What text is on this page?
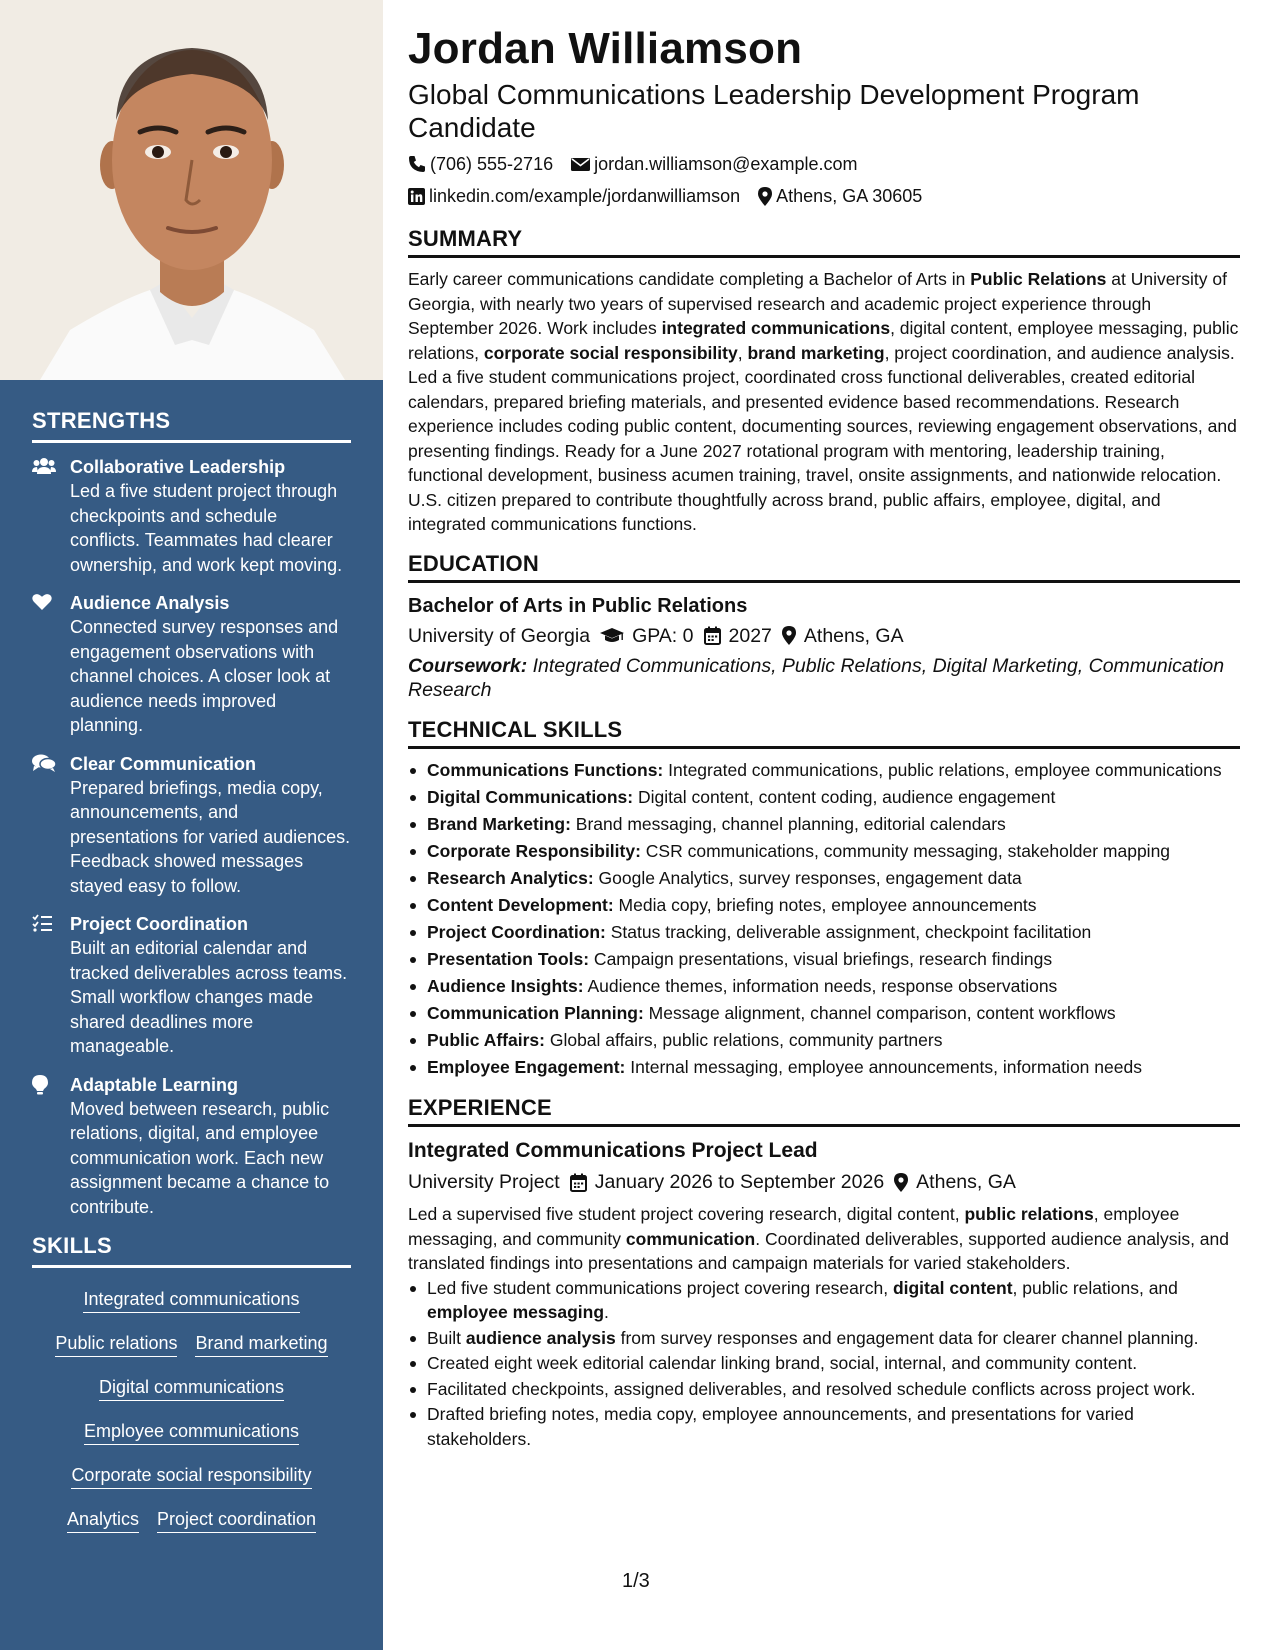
STRENGTHS
Collaborative Leadership
Led a five student project through checkpoints and schedule conflicts. Teammates had clearer ownership, and work kept moving.
Audience Analysis
Connected survey responses and engagement observations with channel choices. A closer look at audience needs improved planning.
Clear Communication
Prepared briefings, media copy, announcements, and presentations for varied audiences. Feedback showed messages stayed easy to follow.
Project Coordination
Built an editorial calendar and tracked deliverables across teams. Small workflow changes made shared deadlines more manageable.
Adaptable Learning
Moved between research, public relations, digital, and employee communication work. Each new assignment became a chance to contribute.
SKILLS
Integrated communications
Public relations Brand marketing
Digital communications
Employee communications
Corporate social responsibility
Analytics Project coordination
Jordan Williamson
Global Communications Leadership Development Program Candidate
(706) 555-2716 jordan.williamson@example.com
linkedin.com/example/jordanwilliamson Athens, GA 30605
SUMMARY
Early career communications candidate completing a Bachelor of Arts in Public Relations at University of Georgia, with nearly two years of supervised research and academic project experience through September 2026. Work includes integrated communications, digital content, employee messaging, public relations, corporate social responsibility, brand marketing, project coordination, and audience analysis. Led a five student communications project, coordinated cross functional deliverables, created editorial calendars, prepared briefing materials, and presented evidence based recommendations. Research experience includes coding public content, documenting sources, reviewing engagement observations, and presenting findings. Ready for a June 2027 rotational program with mentoring, leadership training, functional development, business acumen training, travel, onsite assignments, and nationwide relocation. U.S. citizen prepared to contribute thoughtfully across brand, public affairs, employee, digital, and integrated communications functions.
EDUCATION
Bachelor of Arts in Public Relations
University of Georgia GPA: 0 2027 Athens, GA
Coursework: Integrated Communications, Public Relations, Digital Marketing, Communication Research
TECHNICAL SKILLS
Communications Functions: Integrated communications, public relations, employee communications
Digital Communications: Digital content, content coding, audience engagement
Brand Marketing: Brand messaging, channel planning, editorial calendars
Corporate Responsibility: CSR communications, community messaging, stakeholder mapping
Research Analytics: Google Analytics, survey responses, engagement data
Content Development: Media copy, briefing notes, employee announcements
Project Coordination: Status tracking, deliverable assignment, checkpoint facilitation
Presentation Tools: Campaign presentations, visual briefings, research findings
Audience Insights: Audience themes, information needs, response observations
Communication Planning: Message alignment, channel comparison, content workflows
Public Affairs: Global affairs, public relations, community partners
Employee Engagement: Internal messaging, employee announcements, information needs
EXPERIENCE
Integrated Communications Project Lead
University Project January 2026 to September 2026 Athens, GA
Led a supervised five student project covering research, digital content, public relations, employee messaging, and community communication. Coordinated deliverables, supported audience analysis, and translated findings into presentations and campaign materials for varied stakeholders.
Led five student communications project covering research, digital content, public relations, and employee messaging.
Built audience analysis from survey responses and engagement data for clearer channel planning.
Created eight week editorial calendar linking brand, social, internal, and community content.
Facilitated checkpoints, assigned deliverables, and resolved schedule conflicts across project work.
Drafted briefing notes, media copy, employee announcements, and presentations for varied stakeholders.
1/3
